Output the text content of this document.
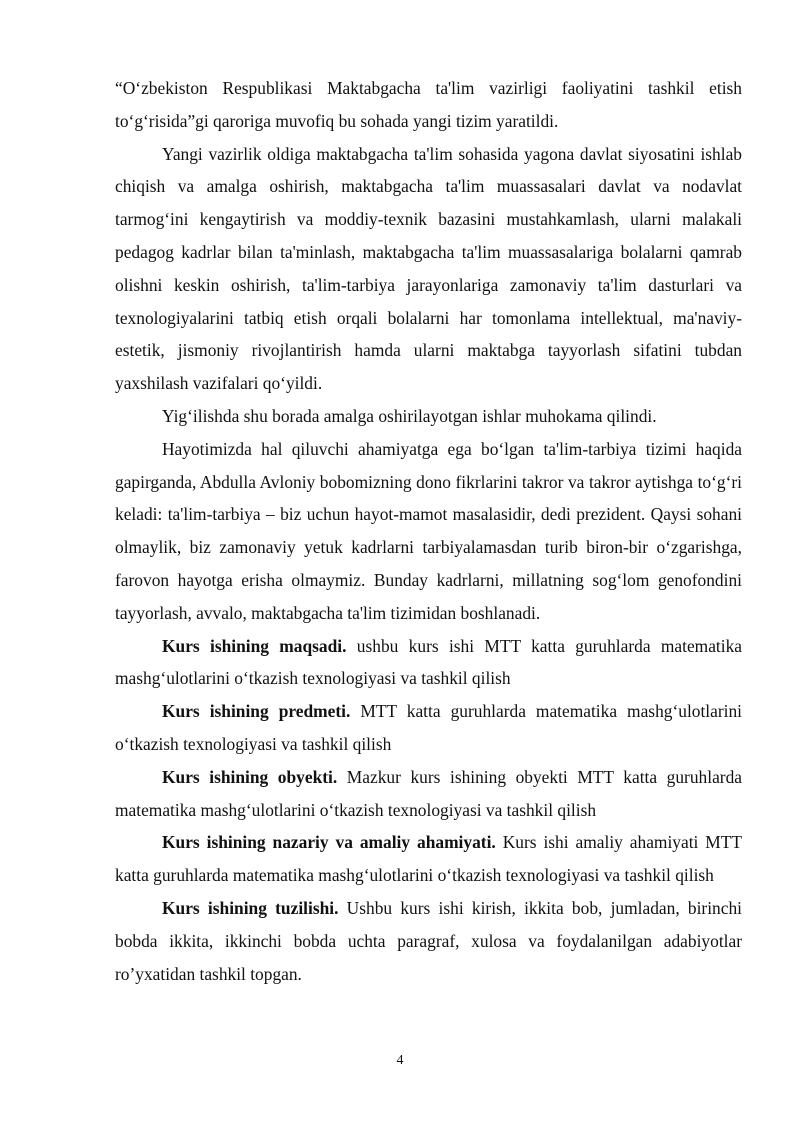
“O‘zbekiston Respublikasi Maktabgacha ta'lim vazirligi faoliyatini tashkil etish to‘g‘risida”gi qaroriga muvofiq bu sohada yangi tizim yaratildi.

Yangi vazirlik oldiga maktabgacha ta'lim sohasida yagona davlat siyosatini ishlab chiqish va amalga oshirish, maktabgacha ta'lim muassasalari davlat va nodavlat tarmog‘ini kengaytirish va moddiy-texnik bazasini mustahkamlash, ularni malakali pedagog kadrlar bilan ta'minlash, maktabgacha ta'lim muassasalariga bolalarni qamrab olishni keskin oshirish, ta'lim-tarbiya jarayonlariga zamonaviy ta'lim dasturlari va texnologiyalarini tatbiq etish orqali bolalarni har tomonlama intellektual, ma'naviy-estetik, jismoniy rivojlantirish hamda ularni maktabga tayyorlash sifatini tubdan yaxshilash vazifalari qo‘yildi.

Yig‘ilishda shu borada amalga oshirilayotgan ishlar muhokama qilindi.

Hayotimizda hal qiluvchi ahamiyatga ega bo‘lgan ta'lim-tarbiya tizimi haqida gapirganda, Abdulla Avloniy bobomizning dono fikrlarini takror va takror aytishga to‘g‘ri keladi: ta'lim-tarbiya – biz uchun hayot-mamot masalasidir, dedi prezident. Qaysi sohani olmaylik, biz zamonaviy yetuk kadrlarni tarbiyalamasdan turib biron-bir o‘zgarishga, farovon hayotga erisha olmaymiz. Bunday kadrlarni, millatning sog‘lom genofondini tayyorlash, avvalo, maktabgacha ta'lim tizimidan boshlanadi.

Kurs ishining maqsadi. ushbu kurs ishi MTT katta guruhlarda matematika mashg‘ulotlarini o‘tkazish texnologiyasi va tashkil qilish

Kurs ishining predmeti. MTT katta guruhlarda matematika mashg‘ulotlarini o‘tkazish texnologiyasi va tashkil qilish

Kurs ishining obyekti. Mazkur kurs ishining obyekti MTT katta guruhlarda matematika mashg‘ulotlarini o‘tkazish texnologiyasi va tashkil qilish

Kurs ishining nazariy va amaliy ahamiyati. Kurs ishi amaliy ahamiyati MTT katta guruhlarda matematika mashg‘ulotlarini o‘tkazish texnologiyasi va tashkil qilish

Kurs ishining tuzilishi. Ushbu kurs ishi kirish, ikkita bob, jumladan, birinchi bobda ikkita, ikkinchi bobda uchta paragraf, xulosa va foydalanilgan adabiyotlar ro’yxatidan tashkil topgan.

4
